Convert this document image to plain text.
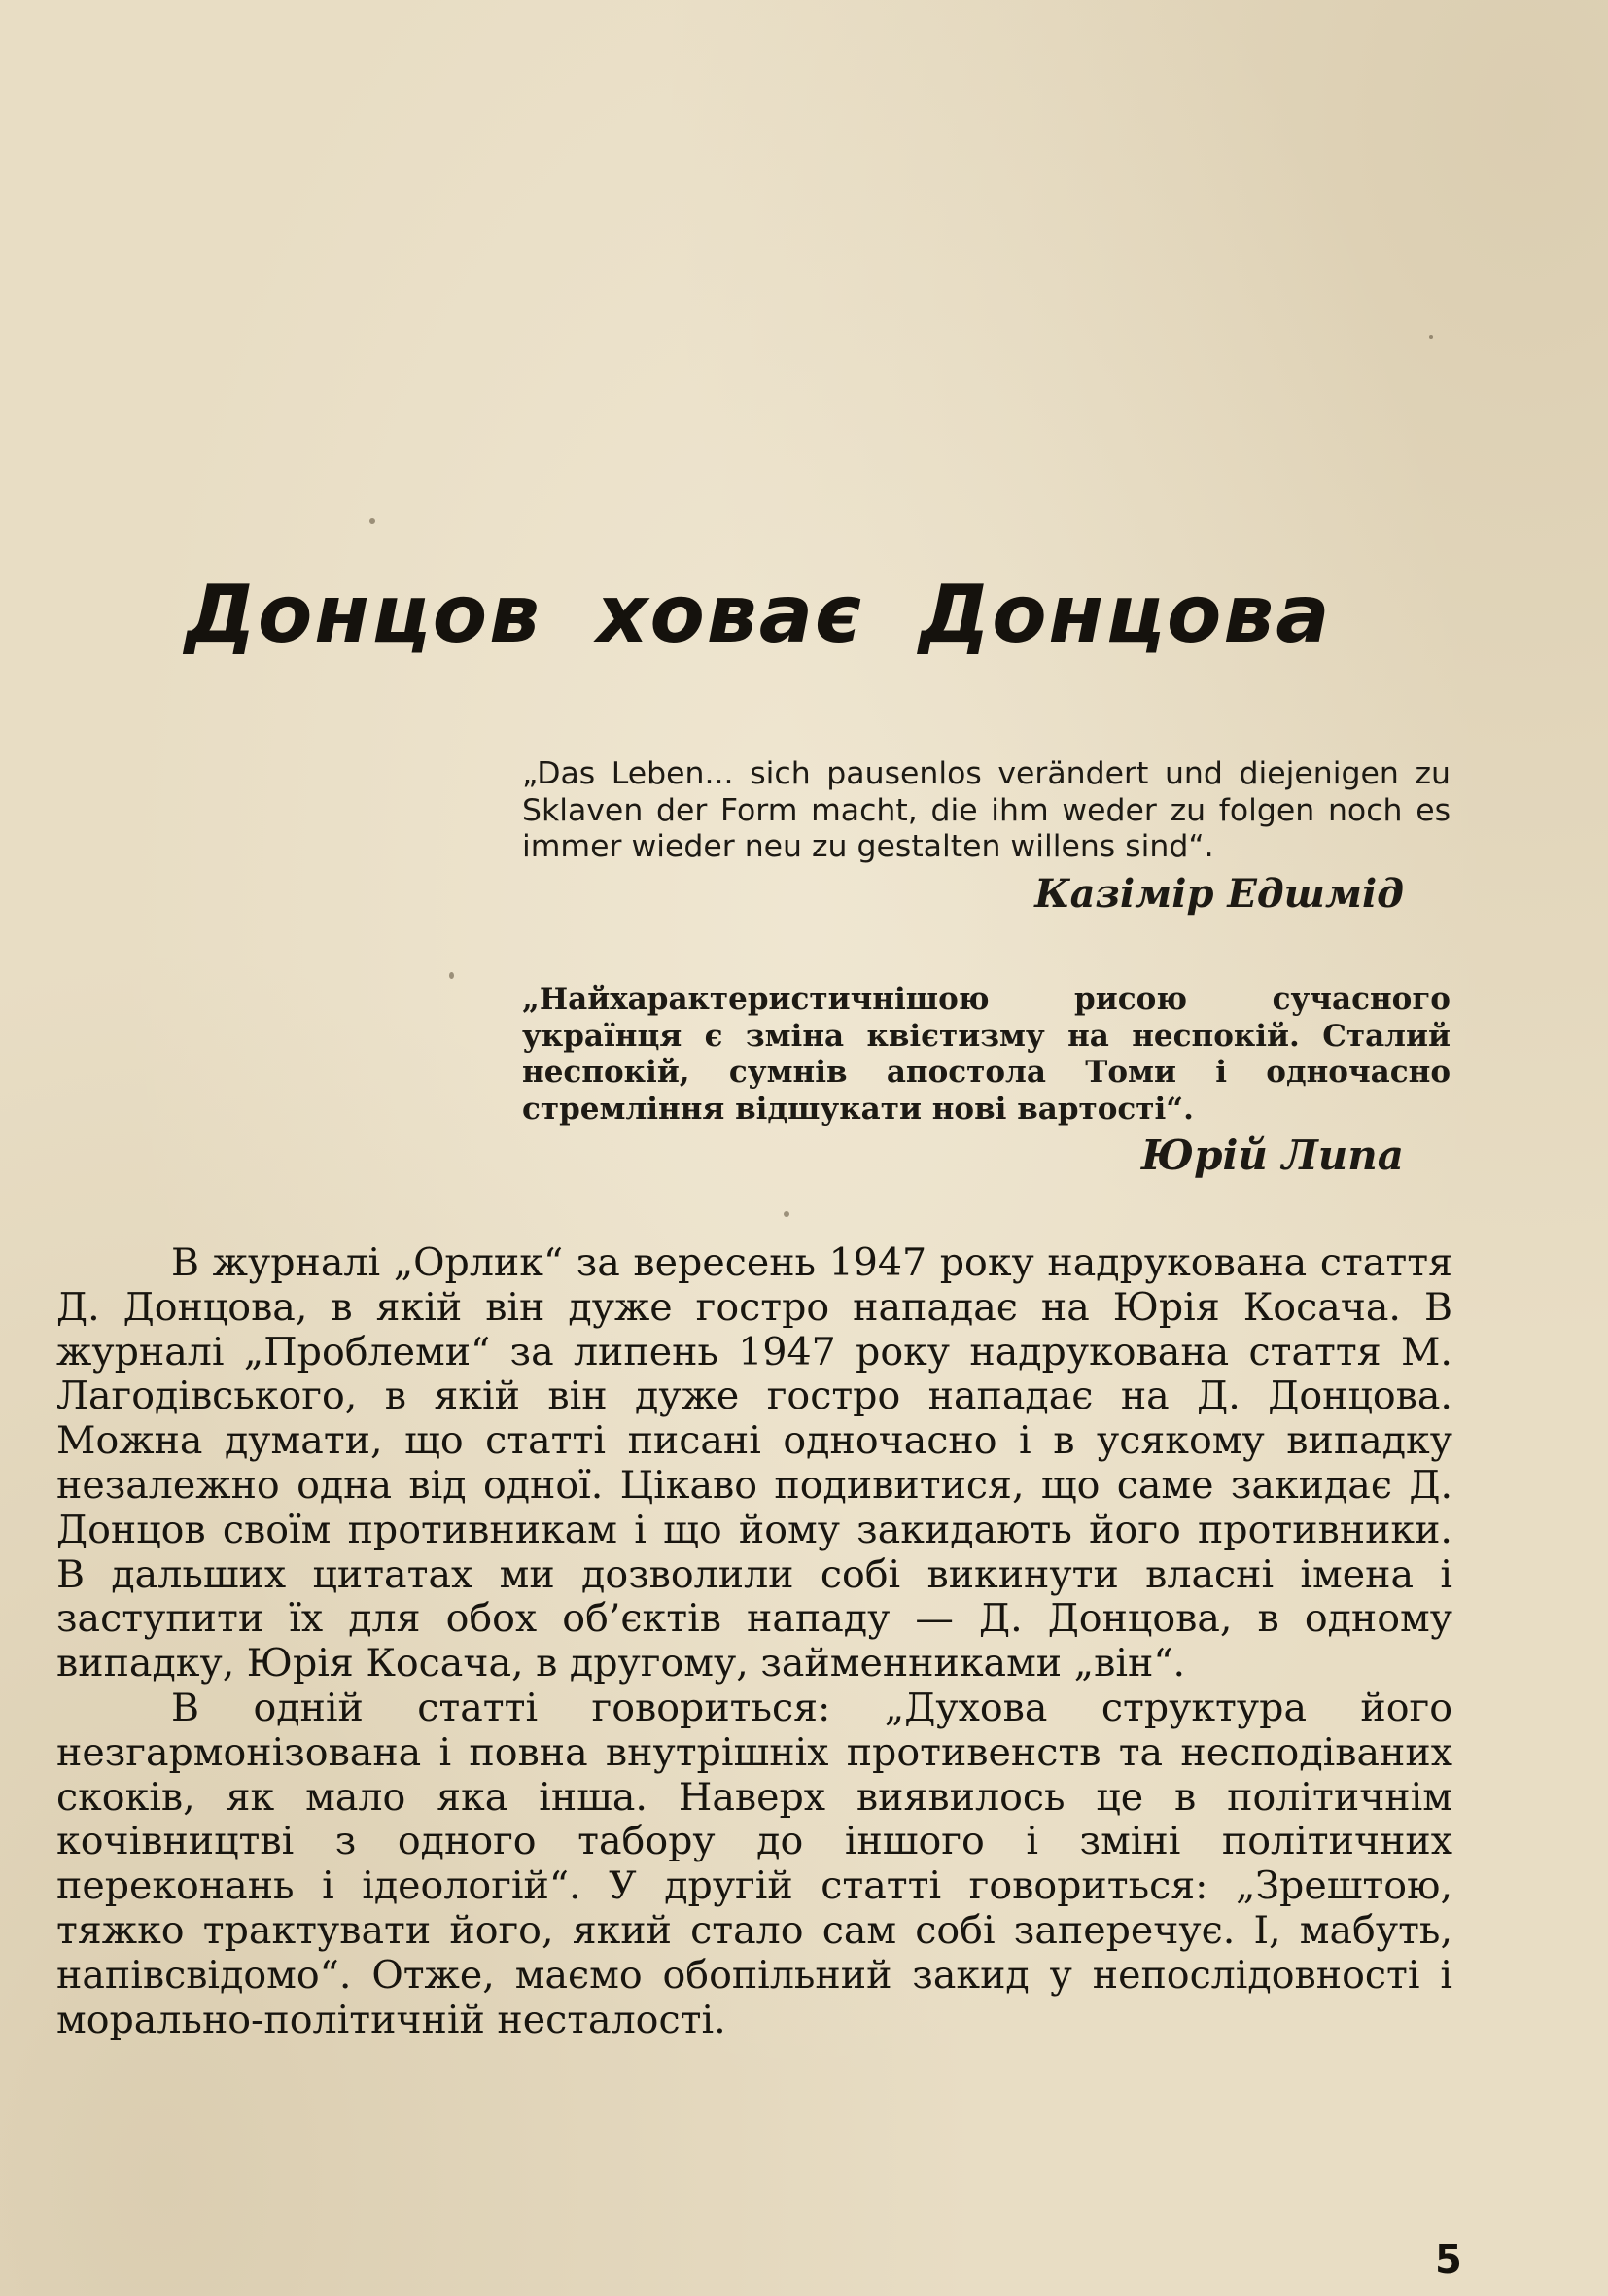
Донцов ховає Донцова
„Das Leben... sich pausenlos verändert und diejenigen zu Sklaven der Form macht, die ihm weder zu folgen noch es immer wieder neu zu gestalten willens sind“.
Казімір Едшмід
„Найхарактеристичнішою рисою сучасного українця є зміна квієтизму на неспокій. Сталий неспокій, сумнів апостола Томи і одночасно стремління відшукати нові вартості“.
Юрій Липа

В журналі „Орлик“ за вересень 1947 року надрукована стаття Д. Донцова, в якій він дуже гостро нападає на Юрія Косача. В журналі „Проблеми“ за липень 1947 року надрукована стаття М. Лагодівського, в якій він дуже гостро нападає на Д. Донцова. Можна думати, що статті писані одночасно і в усякому випадку незалежно одна від одної. Цікаво подивитися, що саме закидає Д. Донцов своїм противникам і що йому закидають його противники. В дальших цитатах ми дозволили собі викинути власні імена і заступити їх для обох об’єктів нападу — Д. Донцова, в одному випадку, Юрія Косача, в другому, займенниками „він“.

В одній статті говориться: „Духова структура його незгармонізована і повна внутрішніх противенств та несподіваних скоків, як мало яка інша. Наверх виявилось це в політичнім кочівництві з одного табору до іншого і зміні політичних переконань і ідеологій“. У другій статті говориться: „Зрештою, тяжко трактувати його, який стало сам собі заперечує. І, мабуть, напівсвідомо“. Отже, маємо обопільний закид у непослідовності і морально-політичній несталості.

5
